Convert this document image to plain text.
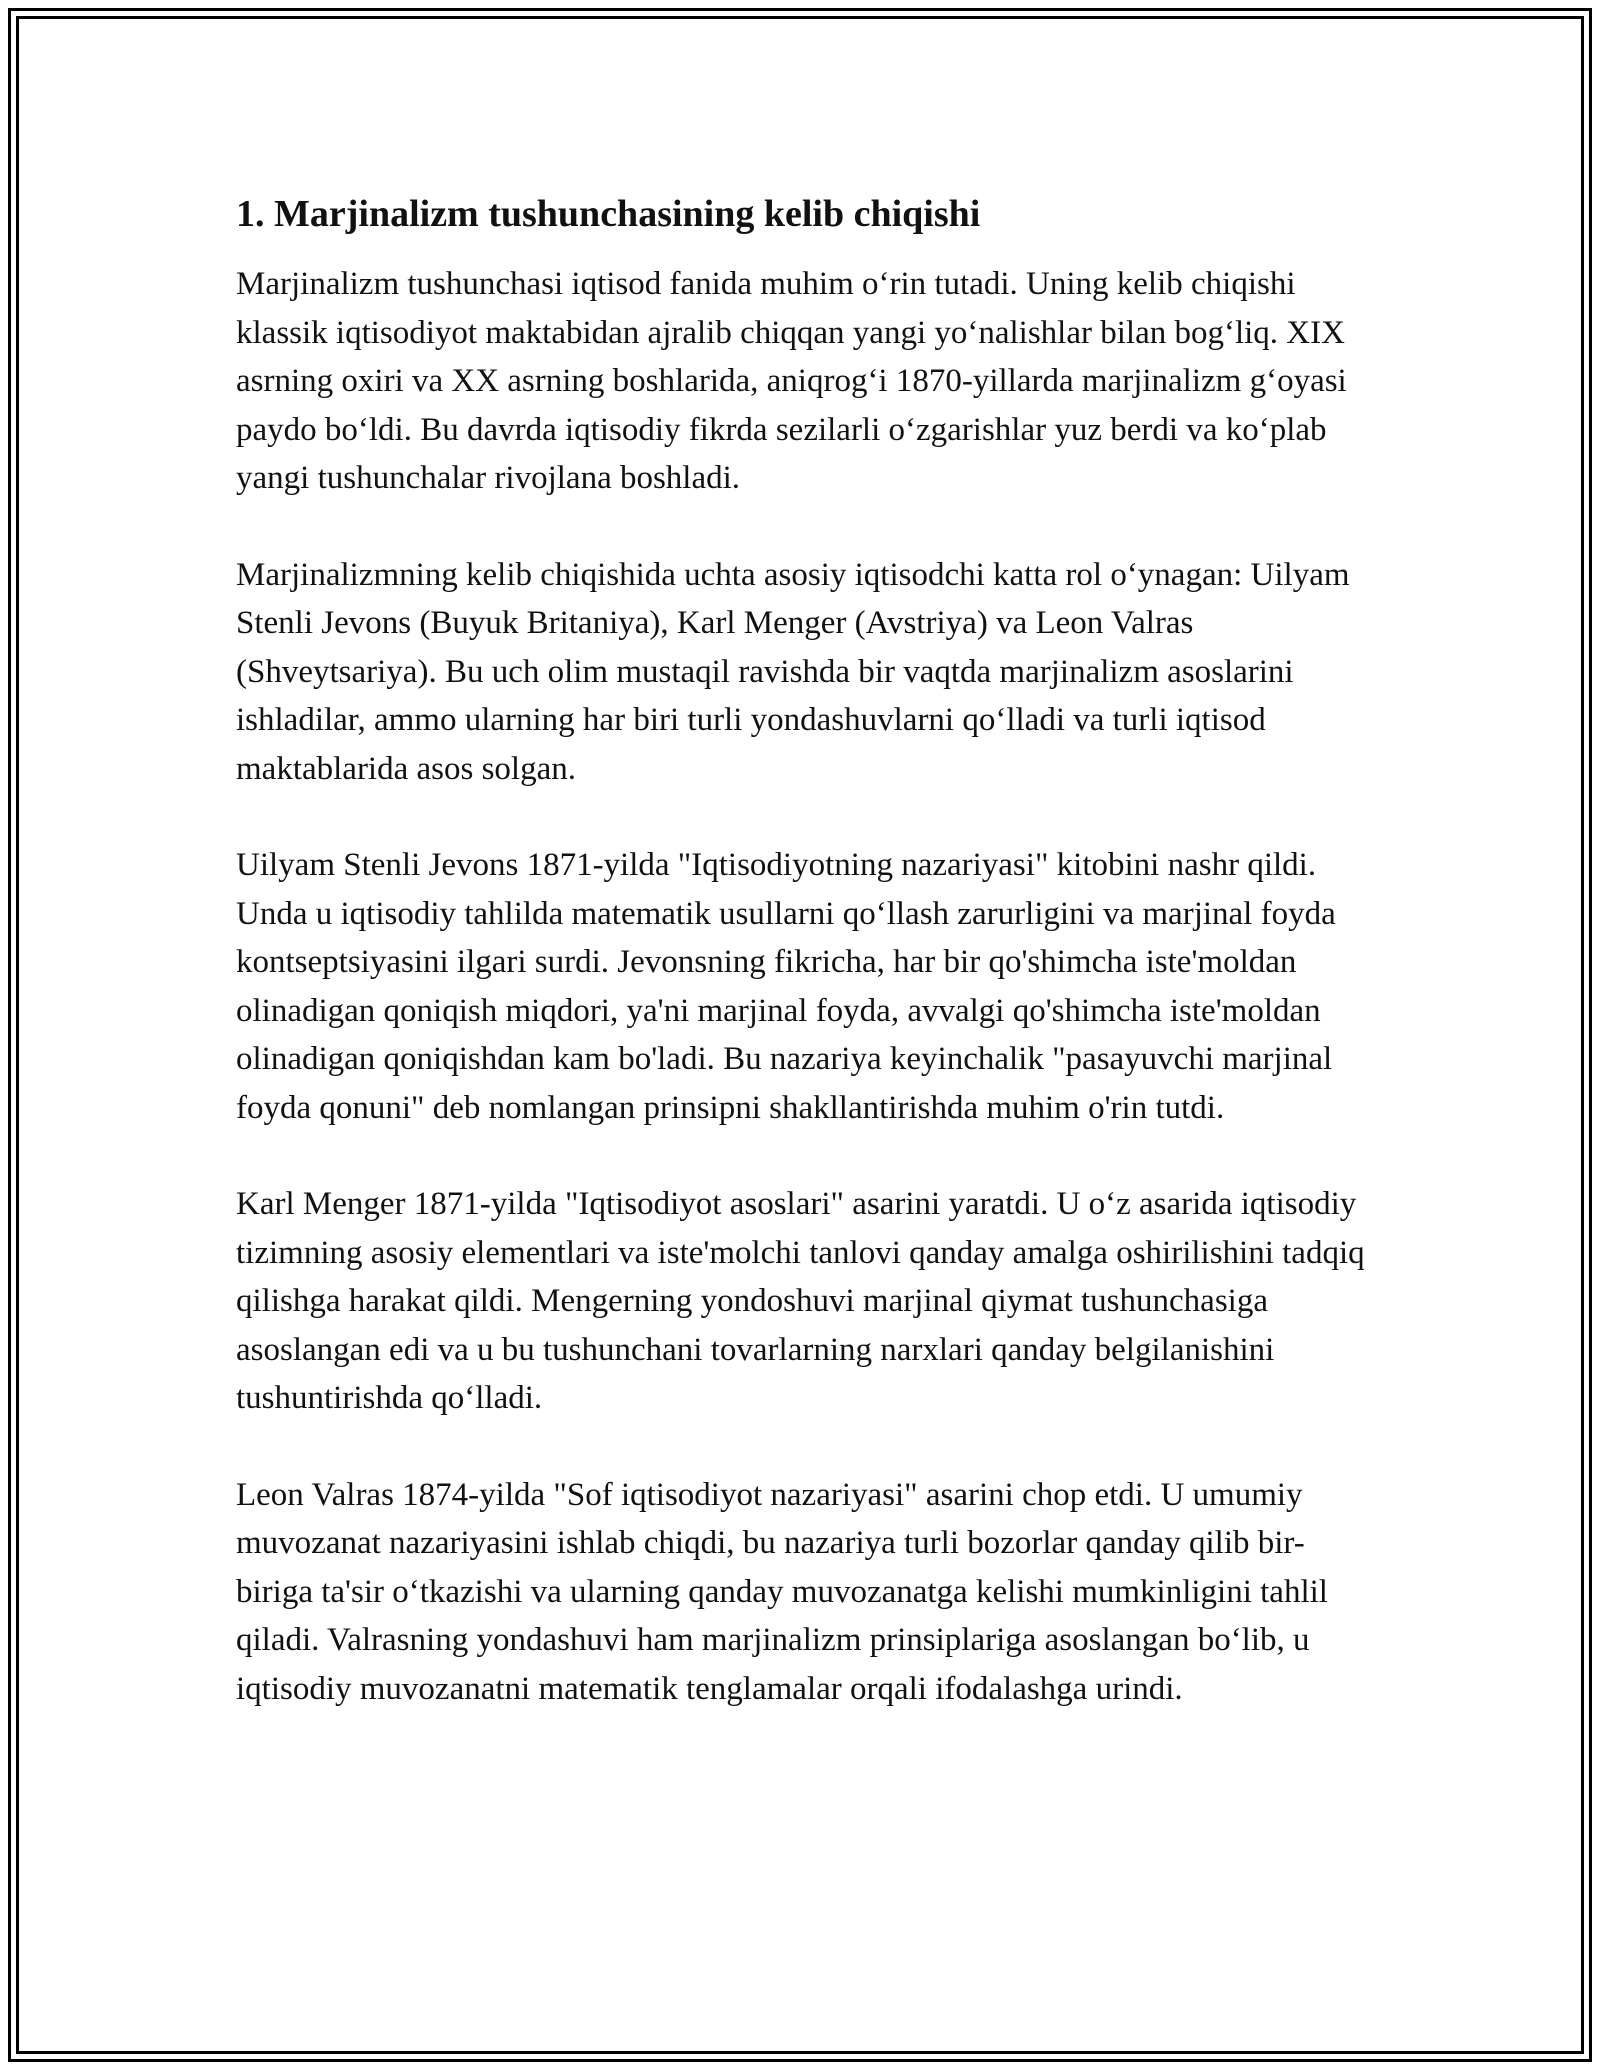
1. Marjinalizm tushunchasining kelib chiqishi

Marjinalizm tushunchasi iqtisod fanida muhim o‘rin tutadi. Uning kelib chiqishi klassik iqtisodiyot maktabidan ajralib chiqqan yangi yo‘nalishlar bilan bog‘liq. XIX asrning oxiri va XX asrning boshlarida, aniqrog‘i 1870-yillarda marjinalizm g‘oyasi paydo bo‘ldi. Bu davrda iqtisodiy fikrda sezilarli o‘zgarishlar yuz berdi va ko‘plab yangi tushunchalar rivojlana boshladi.

Marjinalizmning kelib chiqishida uchta asosiy iqtisodchi katta rol o‘ynagan: Uilyam Stenli Jevons (Buyuk Britaniya), Karl Menger (Avstriya) va Leon Valras (Shveytsariya). Bu uch olim mustaqil ravishda bir vaqtda marjinalizm asoslarini ishladilar, ammo ularning har biri turli yondashuvlarni qo‘lladi va turli iqtisod maktablarida asos solgan.

Uilyam Stenli Jevons 1871-yilda "Iqtisodiyotning nazariyasi" kitobini nashr qildi. Unda u iqtisodiy tahlilda matematik usullarni qo‘llash zarurligini va marjinal foyda kontseptsiyasini ilgari surdi. Jevonsning fikricha, har bir qo'shimcha iste'moldan olinadigan qoniqish miqdori, ya'ni marjinal foyda, avvalgi qo'shimcha iste'moldan olinadigan qoniqishdan kam bo'ladi. Bu nazariya keyinchalik "pasayuvchi marjinal foyda qonuni" deb nomlangan prinsipni shakllantirishda muhim o'rin tutdi.

Karl Menger 1871-yilda "Iqtisodiyot asoslari" asarini yaratdi. U o‘z asarida iqtisodiy tizimning asosiy elementlari va iste'molchi tanlovi qanday amalga oshirilishini tadqiq qilishga harakat qildi. Mengerning yondoshuvi marjinal qiymat tushunchasiga asoslangan edi va u bu tushunchani tovarlarning narxlari qanday belgilanishini tushuntirishda qo‘lladi.

Leon Valras 1874-yilda "Sof iqtisodiyot nazariyasi" asarini chop etdi. U umumiy muvozanat nazariyasini ishlab chiqdi, bu nazariya turli bozorlar qanday qilib bir-biriga ta'sir o‘tkazishi va ularning qanday muvozanatga kelishi mumkinligini tahlil qiladi. Valrasning yondashuvi ham marjinalizm prinsiplariga asoslangan bo‘lib, u iqtisodiy muvozanatni matematik tenglamalar orqali ifodalashga urindi.
